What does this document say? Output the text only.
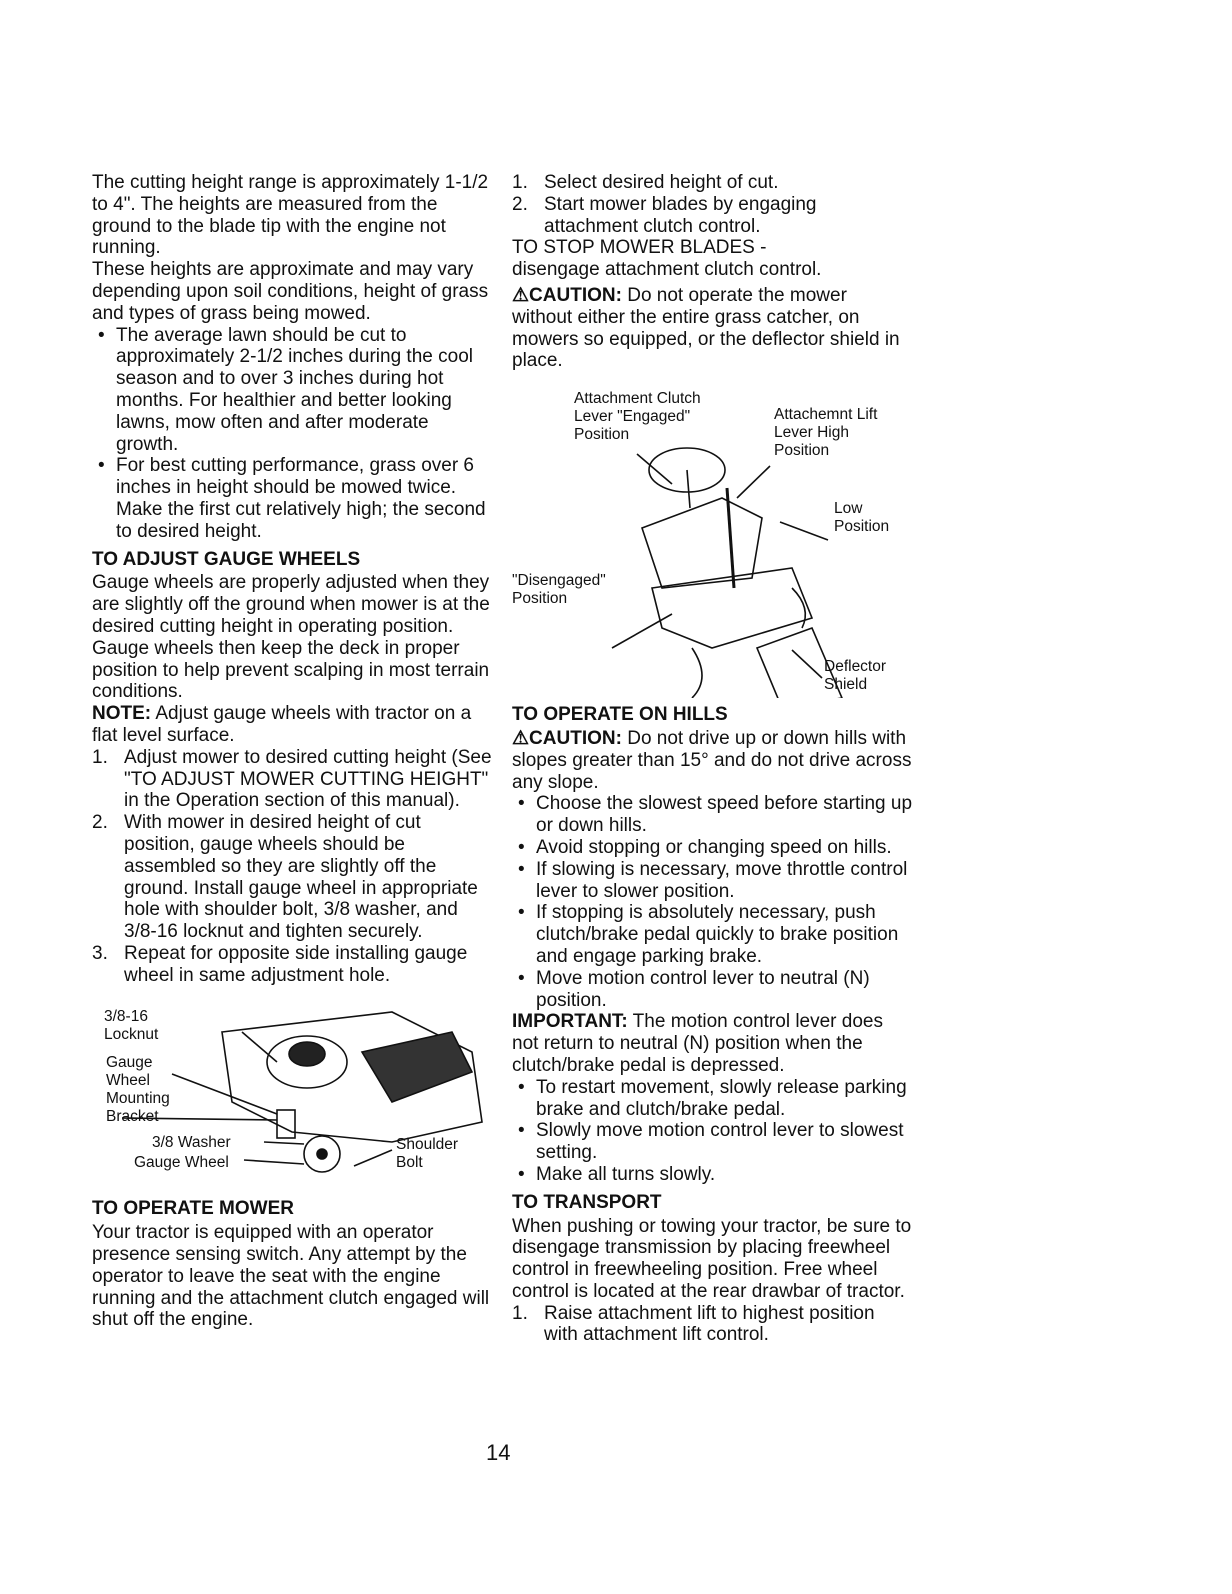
The cutting height range is approximately 1-1/2 to 4". The heights are measured from the ground to the blade tip with the engine not running.

These heights are approximate and may vary depending upon soil conditions, height of grass and types of grass being mowed.

• The average lawn should be cut to approximately 2-1/2 inches during the cool season and to over 3 inches during hot months. For healthier and better looking lawns, mow often and after moderate growth.
• For best cutting performance, grass over 6 inches in height should be mowed twice. Make the first cut relatively high; the second to desired height.

TO ADJUST GAUGE WHEELS

Gauge wheels are properly adjusted when they are slightly off the ground when mower is at the desired cutting height in operating position. Gauge wheels then keep the deck in proper position to help prevent scalping in most terrain conditions.

NOTE: Adjust gauge wheels with tractor on a flat level surface.

1. Adjust mower to desired cutting height (See "TO ADJUST MOWER CUTTING HEIGHT" in the Operation section of this manual).
2. With mower in desired height of cut position, gauge wheels should be assembled so they are slightly off the ground. Install gauge wheel in appropriate hole with shoulder bolt, 3/8 washer, and 3/8-16 locknut and tighten securely.
3. Repeat for opposite side installing gauge wheel in same adjustment hole.
3/8-16
Locknut
Gauge
Wheel
Mounting
Bracket
3/8 Washer
Gauge Wheel
Shoulder
Bolt

TO OPERATE MOWER

Your tractor is equipped with an operator presence sensing switch. Any attempt by the operator to leave the seat with the engine running and the attachment clutch engaged will shut off the engine.

1. Select desired height of cut.
2. Start mower blades by engaging attachment clutch control.

TO STOP MOWER BLADES -

disengage attachment clutch control.

⚠CAUTION: Do not operate the mower without either the entire grass catcher, on mowers so equipped, or the deflector shield in place.

Attachment Clutch
Lever "Engaged"
Position
Attachemnt Lift
Lever High
Position
Low
Position
"Disengaged"
Position
Deflector
Shield

TO OPERATE ON HILLS

⚠CAUTION: Do not drive up or down hills with slopes greater than 15° and do not drive across any slope.

• Choose the slowest speed before starting up or down hills.
• Avoid stopping or changing speed on hills.
• If slowing is necessary, move throttle control lever to slower position.
• If stopping is absolutely necessary, push clutch/brake pedal quickly to brake position and engage parking brake.
• Move motion control lever to neutral (N) position.

IMPORTANT: The motion control lever does not return to neutral (N) position when the clutch/brake pedal is depressed.

• To restart movement, slowly release parking brake and clutch/brake pedal.
• Slowly move motion control lever to slowest setting.
• Make all turns slowly.

TO TRANSPORT

When pushing or towing your tractor, be sure to disengage transmission by placing freewheel control in freewheeling position. Free wheel control is located at the rear drawbar of tractor.

1. Raise attachment lift to highest position with attachment lift control.
14
